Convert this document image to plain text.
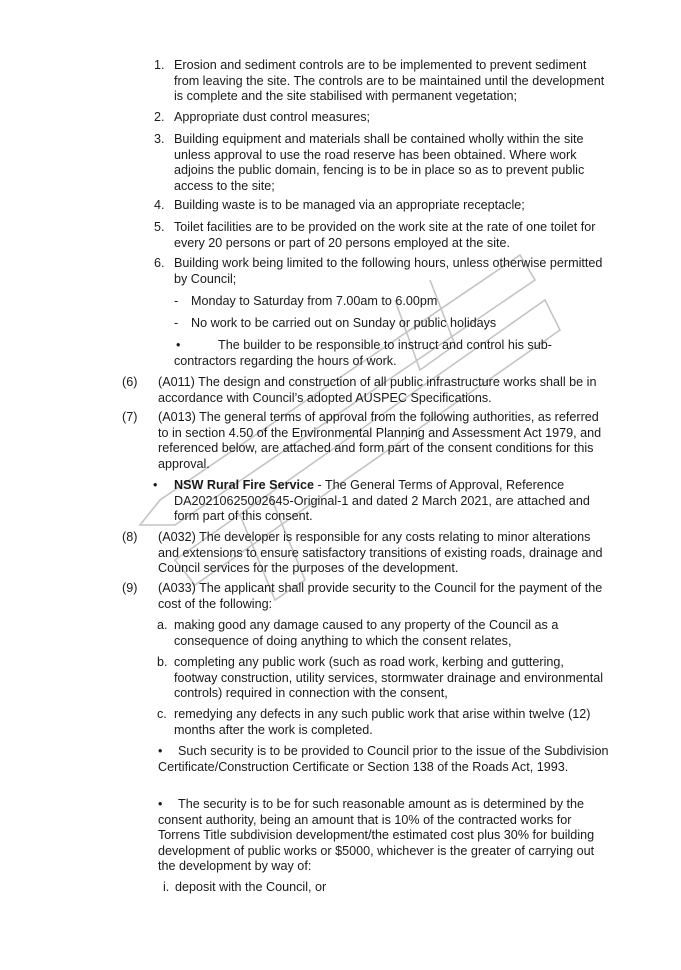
1. Erosion and sediment controls are to be implemented to prevent sediment from leaving the site. The controls are to be maintained until the development is complete and the site stabilised with permanent vegetation;
2. Appropriate dust control measures;
3. Building equipment and materials shall be contained wholly within the site unless approval to use the road reserve has been obtained. Where work adjoins the public domain, fencing is to be in place so as to prevent public access to the site;
4. Building waste is to be managed via an appropriate receptacle;
5. Toilet facilities are to be provided on the work site at the rate of one toilet for every 20 persons or part of 20 persons employed at the site.
6. Building work being limited to the following hours, unless otherwise permitted by Council;
- Monday to Saturday from 7.00am to 6.00pm
- No work to be carried out on Sunday or public holidays
•	The builder to be responsible to instruct and control his sub-contractors regarding the hours of work.
(6) (A011) The design and construction of all public infrastructure works shall be in accordance with Council’s adopted AUSPEC Specifications.
(7) (A013) The general terms of approval from the following authorities, as referred to in section 4.50 of the Environmental Planning and Assessment Act 1979, and referenced below, are attached and form part of the consent conditions for this approval.
• NSW Rural Fire Service - The General Terms of Approval, Reference DA20210625002645-Original-1 and dated 2 March 2021, are attached and form part of this consent.
(8) (A032) The developer is responsible for any costs relating to minor alterations and extensions to ensure satisfactory transitions of existing roads, drainage and Council services for the purposes of the development.
(9) (A033) The applicant shall provide security to the Council for the payment of the cost of the following:
a. making good any damage caused to any property of the Council as a consequence of doing anything to which the consent relates,
b. completing any public work (such as road work, kerbing and guttering, footway construction, utility services, stormwater drainage and environmental controls) required in connection with the consent,
c. remedying any defects in any such public work that arise within twelve (12) months after the work is completed.
• Such security is to be provided to Council prior to the issue of the Subdivision Certificate/Construction Certificate or Section 138 of the Roads Act, 1993.
• The security is to be for such reasonable amount as is determined by the consent authority, being an amount that is 10% of the contracted works for Torrens Title subdivision development/the estimated cost plus 30% for building development of public works or $5000, whichever is the greater of carrying out the development by way of:
i. deposit with the Council, or
